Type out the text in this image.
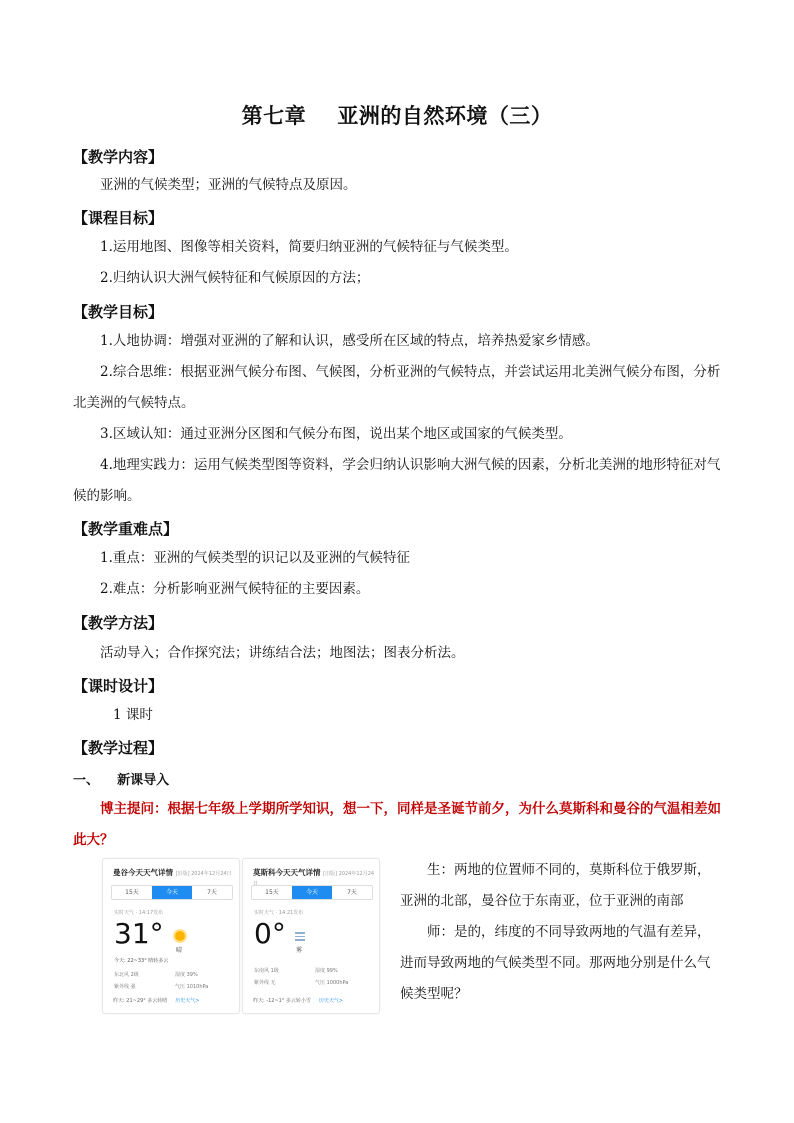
第七章    亚洲的自然环境（三）
【教学内容】
亚洲的气候类型；亚洲的气候特点及原因。
【课程目标】
1.运用地图、图像等相关资料，简要归纳亚洲的气候特征与气候类型。
2.归纳认识大洲气候特征和气候原因的方法；
【教学目标】
1.人地协调：增强对亚洲的了解和认识，感受所在区域的特点，培养热爱家乡情感。
2.综合思维：根据亚洲气候分布图、气候图，分析亚洲的气候特点，并尝试运用北美洲气候分布图，分析北美洲的气候特点。
3.区域认知：通过亚洲分区图和气候分布图，说出某个地区或国家的气候类型。
4.地理实践力：运用气候类型图等资料，学会归纳认识影响大洲气候的因素，分析北美洲的地形特征对气候的影响。
【教学重难点】
1.重点：亚洲的气候类型的识记以及亚洲的气候特征
2.难点：分析影响亚洲气候特征的主要因素。
【教学方法】
活动导入；合作探究法；讲练结合法；地图法；图表分析法。
【课时设计】
1 课时
【教学过程】
一、    新课导入
博主提问：根据七年级上学期所学知识，想一下，同样是圣诞节前夕，为什么莫斯科和曼谷的气温相差如此大？
曼谷今天天气详情 [旧版] 2024年12月24日
15天	今天	7天
实时天气 · 14:17发布
31°
晴
今天: 22~33° 晴转多云
东北风 2级	湿度 39%
紫外线 强	气压 1010hPa
昨天: 21~29° 多云转晴 历史天气>
莫斯科今天天气详情 [旧版] 2024年12月24日
15天	今天	7天
实时天气 · 14:21发布
0°
雾
东南风 1级	湿度 99%
紫外线 无	气压 1000hPa
昨天: -12~1° 多云转小雪 历史天气>
生：两地的位置师不同的，莫斯科位于俄罗斯，亚洲的北部，曼谷位于东南亚，位于亚洲的南部
师：是的，纬度的不同导致两地的气温有差异，进而导致两地的气候类型不同。那两地分别是什么气候类型呢？
